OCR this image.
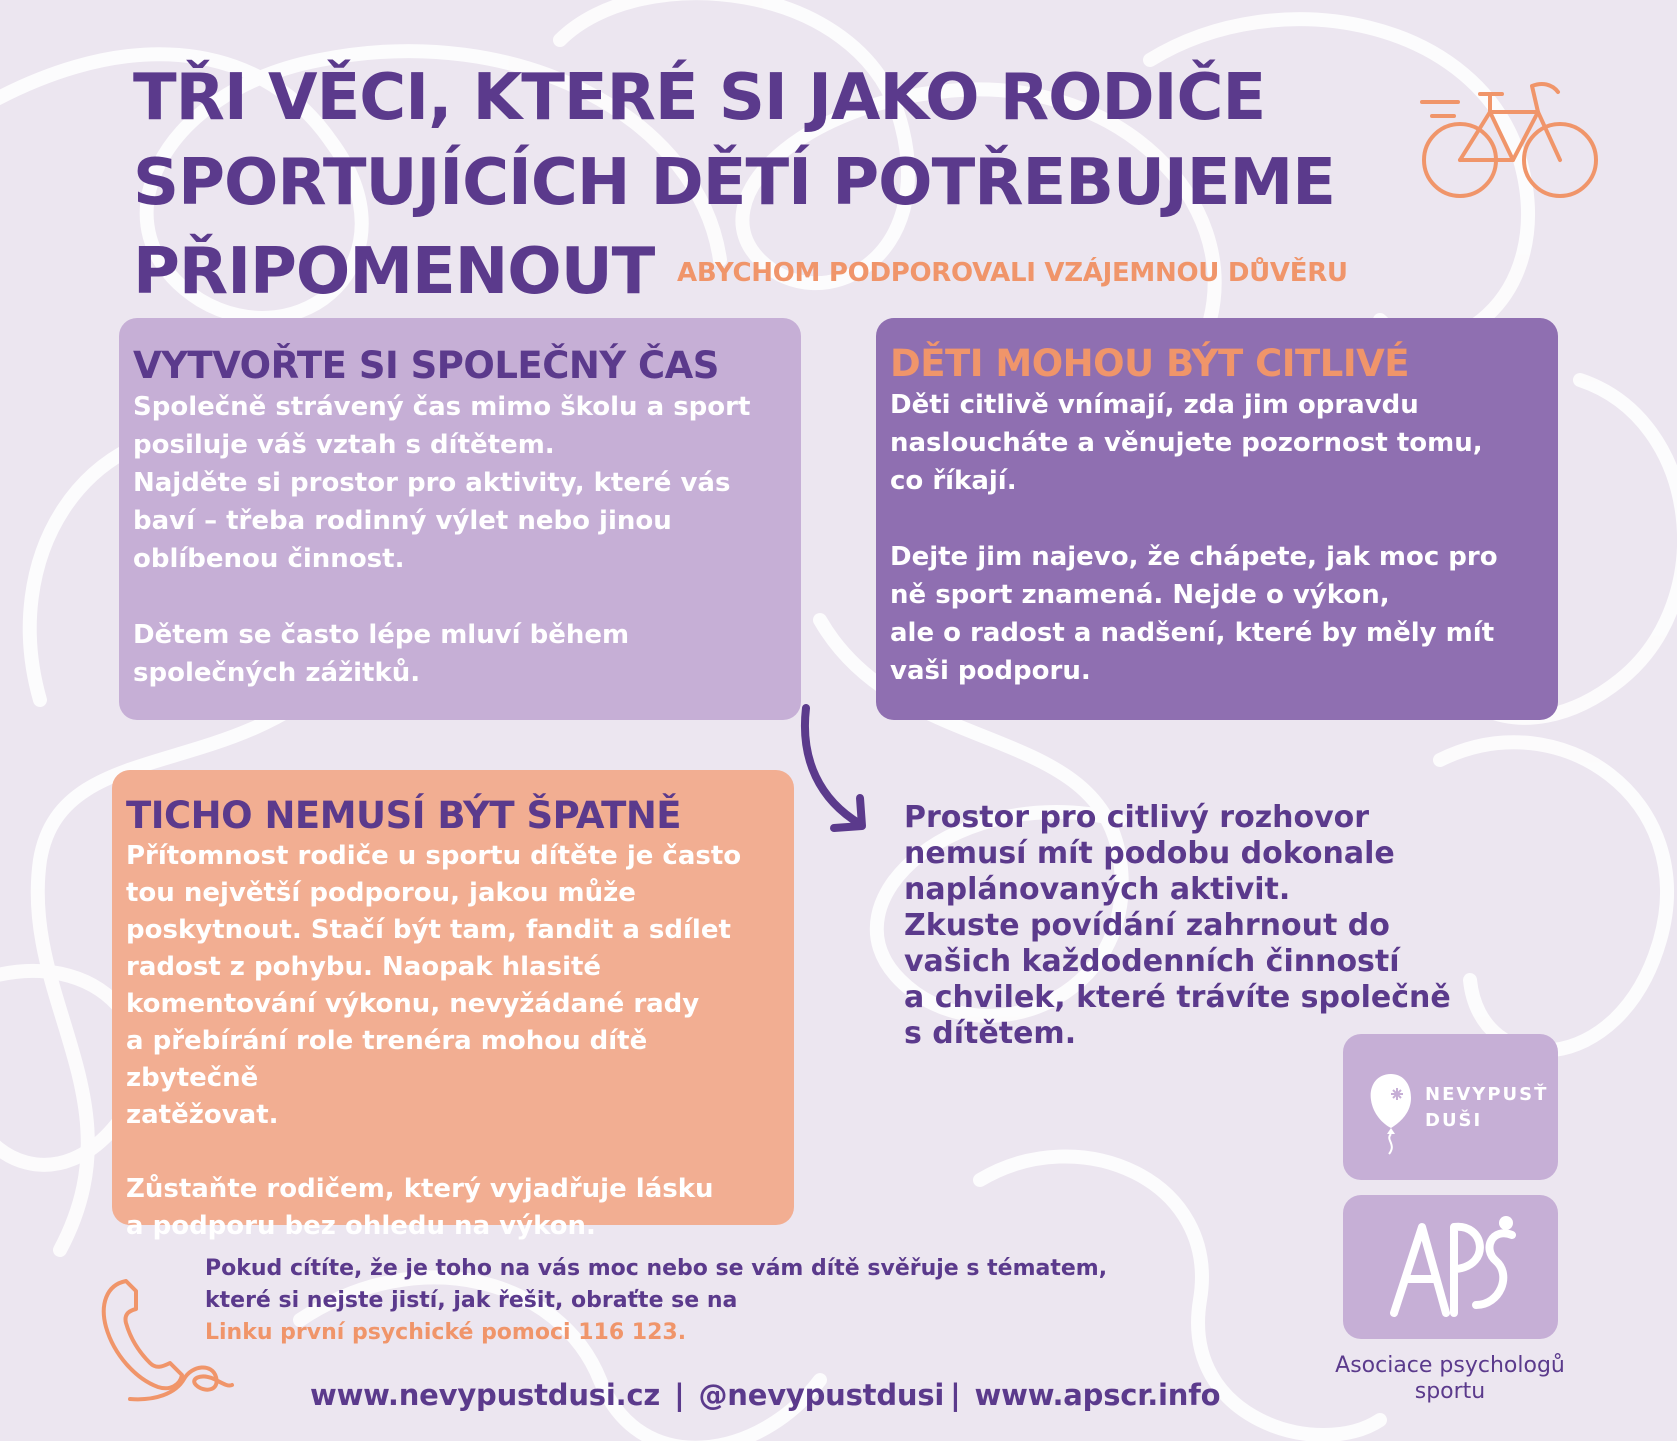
TŘI VĚCI, KTERÉ SI JAKO RODIČE
SPORTUJÍCÍCH DĚTÍ POTŘEBUJEME
PŘIPOMENOUT ABYCHOM PODPOROVALI VZÁJEMNOU DŮVĚRU
VYTVOŘTE SI SPOLEČNÝ ČAS

Společně strávený čas mimo školu a sport
posiluje váš vztah s dítětem.
Najděte si prostor pro aktivity, které vás
baví – třeba rodinný výlet nebo jinou
oblíbenou činnost.

Dětem se často lépe mluví během
společných zážitků.

DĚTI MOHOU BÝT CITLIVÉ

Děti citlivě vnímají, zda jim opravdu
nasloucháte a věnujete pozornost tomu,
co říkají.

Dejte jim najevo, že chápete, jak moc pro
ně sport znamená. Nejde o výkon,
ale o radost a nadšení, které by měly mít
vaši podporu.

TICHO NEMUSÍ BÝT ŠPATNĚ

Přítomnost rodiče u sportu dítěte je často
tou největší podporou, jakou může
poskytnout. Stačí být tam, fandit a sdílet
radost z pohybu. Naopak hlasité
komentování výkonu, nevyžádané rady
a přebírání role trenéra mohou dítě zbytečně
zatěžovat.

Zůstaňte rodičem, který vyjadřuje lásku
a podporu bez ohledu na výkon.

Prostor pro citlivý rozhovor
nemusí mít podobu dokonale
naplánovaných aktivit.
Zkuste povídání zahrnout do
vašich každodenních činností
a chvilek, které trávíte společně
s dítětem.
Pokud cítíte, že je toho na vás moc nebo se vám dítě svěřuje s tématem,
které si nejste jistí, jak řešit, obraťte se na
Linku první psychické pomoci 116 123.
www.nevypustdusi.cz | @nevypustdusi | www.apscr.info
NEVYPUSŤ
DUŠI
Asociace psychologů
sportu
